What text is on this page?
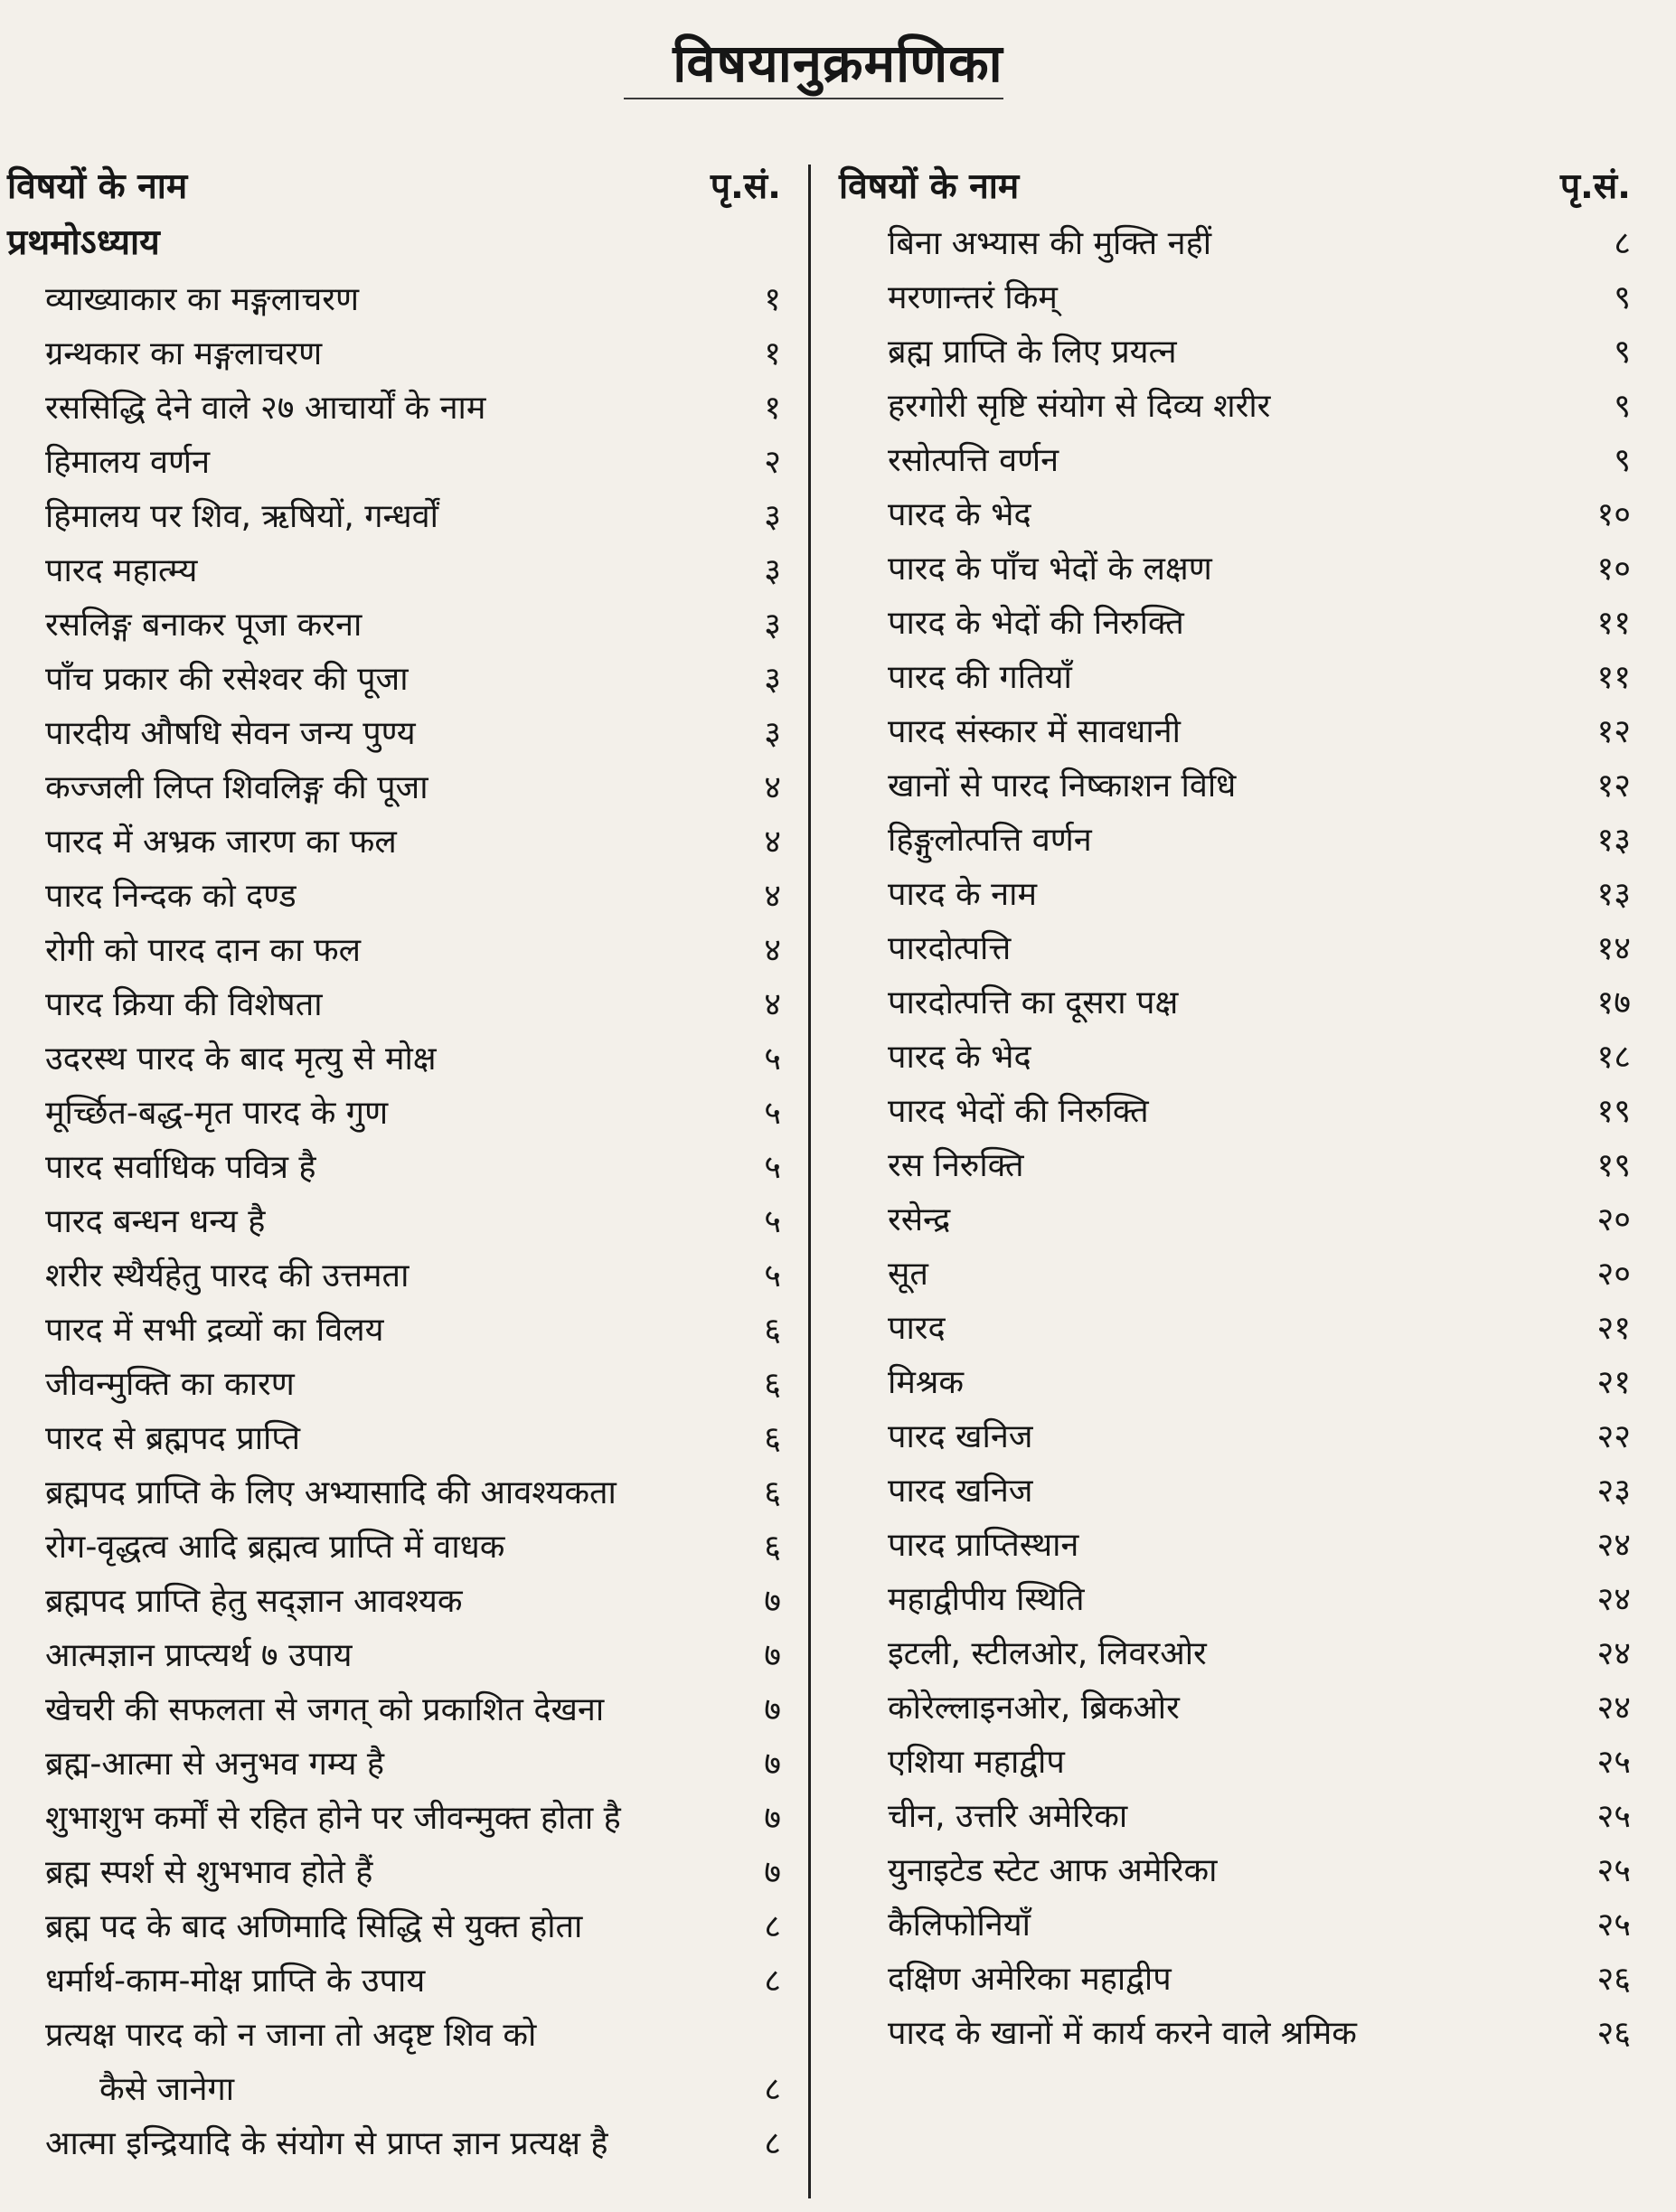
विषयानुक्रमणिका
विषयों के नाम	पृ.सं.
प्रथमोऽध्याय
व्याख्याकार का मङ्गलाचरण	१
ग्रन्थकार का मङ्गलाचरण	१
रससिद्धि देने वाले २७ आचार्यों के नाम	१
हिमालय वर्णन	२
हिमालय पर शिव, ऋषियों, गन्धर्वों	३
पारद महात्म्य	३
रसलिङ्ग बनाकर पूजा करना	३
पाँच प्रकार की रसेश्वर की पूजा	३
पारदीय औषधि सेवन जन्य पुण्य	३
कज्जली लिप्त शिवलिङ्ग की पूजा	४
पारद में अभ्रक जारण का फल	४
पारद निन्दक को दण्ड	४
रोगी को पारद दान का फल	४
पारद क्रिया की विशेषता	४
उदरस्थ पारद के बाद मृत्यु से मोक्ष	५
मूर्च्छित-बद्ध-मृत पारद के गुण	५
पारद सर्वाधिक पवित्र है	५
पारद बन्धन धन्य है	५
शरीर स्थैर्यहेतु पारद की उत्तमता	५
पारद में सभी द्रव्यों का विलय	६
जीवन्मुक्ति का कारण	६
पारद से ब्रह्मपद प्राप्ति	६
ब्रह्मपद प्राप्ति के लिए अभ्यासादि की आवश्यकता	६
रोग-वृद्धत्व आदि ब्रह्मत्व प्राप्ति में वाधक	६
ब्रह्मपद प्राप्ति हेतु सद्ज्ञान आवश्यक	७
आत्मज्ञान प्राप्त्यर्थ ७ उपाय	७
खेचरी की सफलता से जगत् को प्रकाशित देखना	७
ब्रह्म-आत्मा से अनुभव गम्य है	७
शुभाशुभ कर्मों से रहित होने पर जीवन्मुक्त होता है	७
ब्रह्म स्पर्श से शुभभाव होते हैं	७
ब्रह्म पद के बाद अणिमादि सिद्धि से युक्त होता	८
धर्मार्थ-काम-मोक्ष प्राप्ति के उपाय	८
प्रत्यक्ष पारद को न जाना तो अदृष्ट शिव को
कैसे जानेगा	८
आत्मा इन्द्रियादि के संयोग से प्राप्त ज्ञान प्रत्यक्ष है	८
विषयों के नाम	पृ.सं.
बिना अभ्यास की मुक्ति नहीं	८
मरणान्तरं किम्	९
ब्रह्म प्राप्ति के लिए प्रयत्न	९
हरगोरी सृष्टि संयोग से दिव्य शरीर	९
रसोत्पत्ति वर्णन	९
पारद के भेद	१०
पारद के पाँच भेदों के लक्षण	१०
पारद के भेदों की निरुक्ति	११
पारद की गतियाँ	११
पारद संस्कार में सावधानी	१२
खानों से पारद निष्काशन विधि	१२
हिङ्गुलोत्पत्ति वर्णन	१३
पारद के नाम	१३
पारदोत्पत्ति	१४
पारदोत्पत्ति का दूसरा पक्ष	१७
पारद के भेद	१८
पारद भेदों की निरुक्ति	१९
रस निरुक्ति	१९
रसेन्द्र	२०
सूत	२०
पारद	२१
मिश्रक	२१
पारद खनिज	२२
पारद खनिज	२३
पारद प्राप्तिस्थान	२४
महाद्वीपीय स्थिति	२४
इटली, स्टीलओर, लिवरओर	२४
कोरेल्लाइनओर, ब्रिकओर	२४
एशिया महाद्वीप	२५
चीन, उत्तरि अमेरिका	२५
युनाइटेड स्टेट आफ अमेरिका	२५
कैलिफोनियाँ	२५
दक्षिण अमेरिका महाद्वीप	२६
पारद के खानों में कार्य करने वाले श्रमिक	२६
